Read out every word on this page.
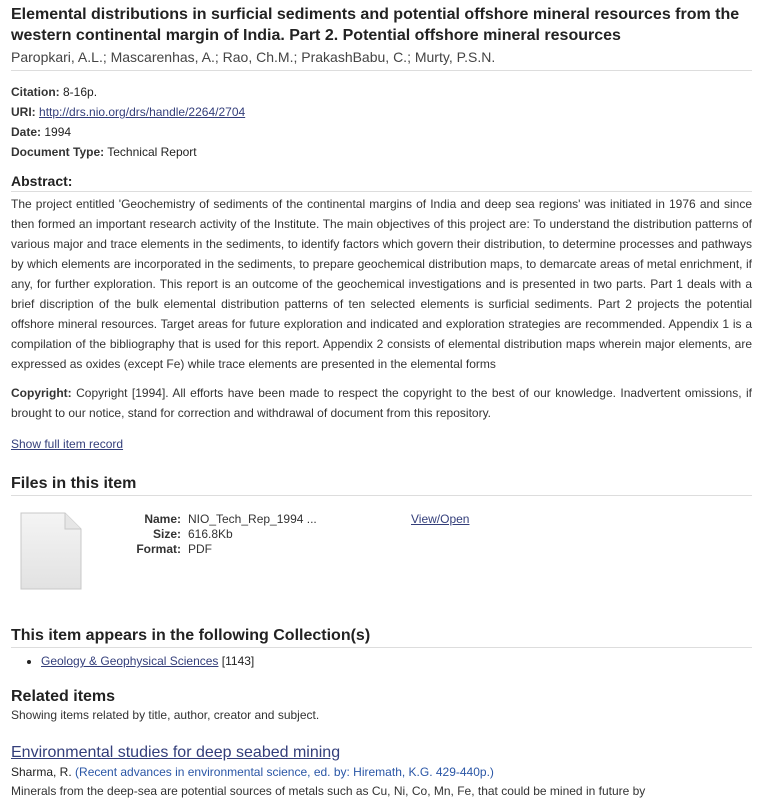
Elemental distributions in surficial sediments and potential offshore mineral resources from the western continental margin of India. Part 2. Potential offshore mineral resources
Paropkari, A.L.; Mascarenhas, A.; Rao, Ch.M.; PrakashBabu, C.; Murty, P.S.N.
Citation: 8-16p.
URI: http://drs.nio.org/drs/handle/2264/2704
Date: 1994
Document Type: Technical Report
Abstract:
The project entitled 'Geochemistry of sediments of the continental margins of India and deep sea regions' was initiated in 1976 and since then formed an important research activity of the Institute. The main objectives of this project are: To understand the distribution patterns of various major and trace elements in the sediments, to identify factors which govern their distribution, to determine processes and pathways by which elements are incorporated in the sediments, to prepare geochemical distribution maps, to demarcate areas of metal enrichment, if any, for further exploration. This report is an outcome of the geochemical investigations and is presented in two parts. Part 1 deals with a brief discription of the bulk elemental distribution patterns of ten selected elements is surficial sediments. Part 2 projects the potential offshore mineral resources. Target areas for future exploration and indicated and exploration strategies are recommended. Appendix 1 is a compilation of the bibliography that is used for this report. Appendix 2 consists of elemental distribution maps wherein major elements, are expressed as oxides (except Fe) while trace elements are presented in the elemental forms
Copyright: Copyright [1994]. All efforts have been made to respect the copyright to the best of our knowledge. Inadvertent omissions, if brought to our notice, stand for correction and withdrawal of document from this repository.
Show full item record
Files in this item
Name: NIO_Tech_Rep_1994 ...
Size: 616.8Kb
Format: PDF
View/Open
This item appears in the following Collection(s)
• Geology & Geophysical Sciences [1143]
Related items
Showing items related by title, author, creator and subject.
Environmental studies for deep seabed mining
Sharma, R. (Recent advances in environmental science, ed. by: Hiremath, K.G. 429-440p.)
Minerals from the deep-sea are potential sources of metals such as Cu, Ni, Co, Mn, Fe, that could be mined in future by
